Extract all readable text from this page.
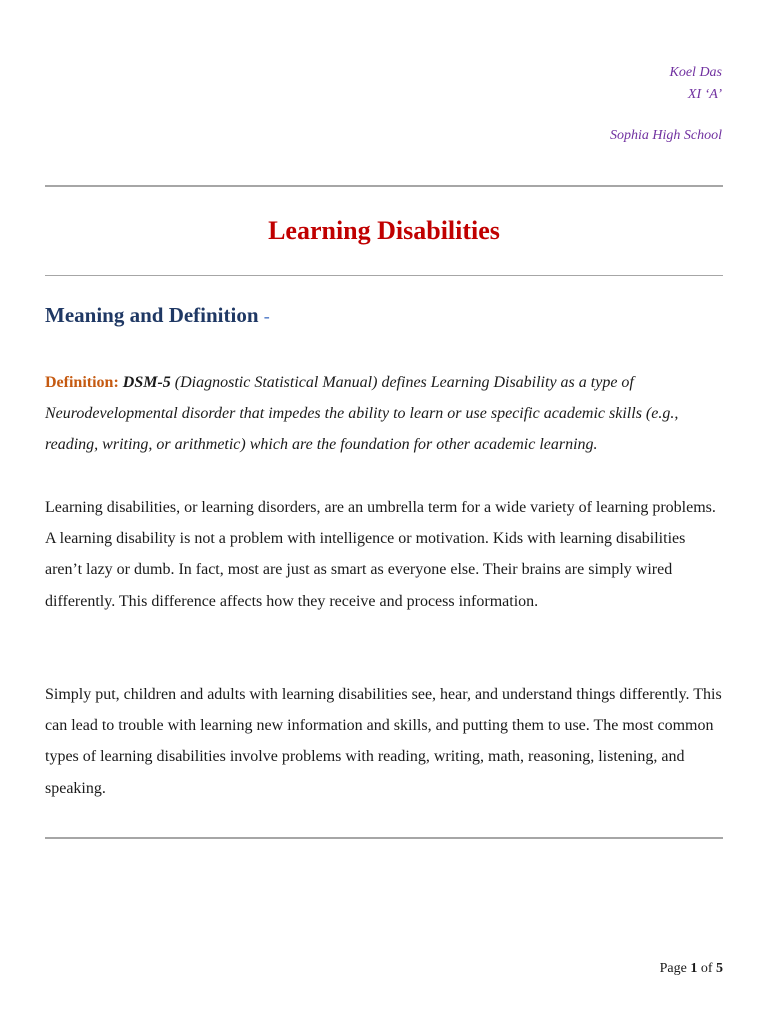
Koel Das
XI ‘A’
Sophia High School
Learning Disabilities
Meaning and Definition -

Definition: DSM-5 (Diagnostic Statistical Manual) defines Learning Disability as a type of Neurodevelopmental disorder that impedes the ability to learn or use specific academic skills (e.g., reading, writing, or arithmetic) which are the foundation for other academic learning.

Learning disabilities, or learning disorders, are an umbrella term for a wide variety of learning problems. A learning disability is not a problem with intelligence or motivation. Kids with learning disabilities aren’t lazy or dumb. In fact, most are just as smart as everyone else. Their brains are simply wired differently. This difference affects how they receive and process information.

Simply put, children and adults with learning disabilities see, hear, and understand things differently. This can lead to trouble with learning new information and skills, and putting them to use. The most common types of learning disabilities involve problems with reading, writing, math, reasoning, listening, and speaking.

Page 1 of 5
